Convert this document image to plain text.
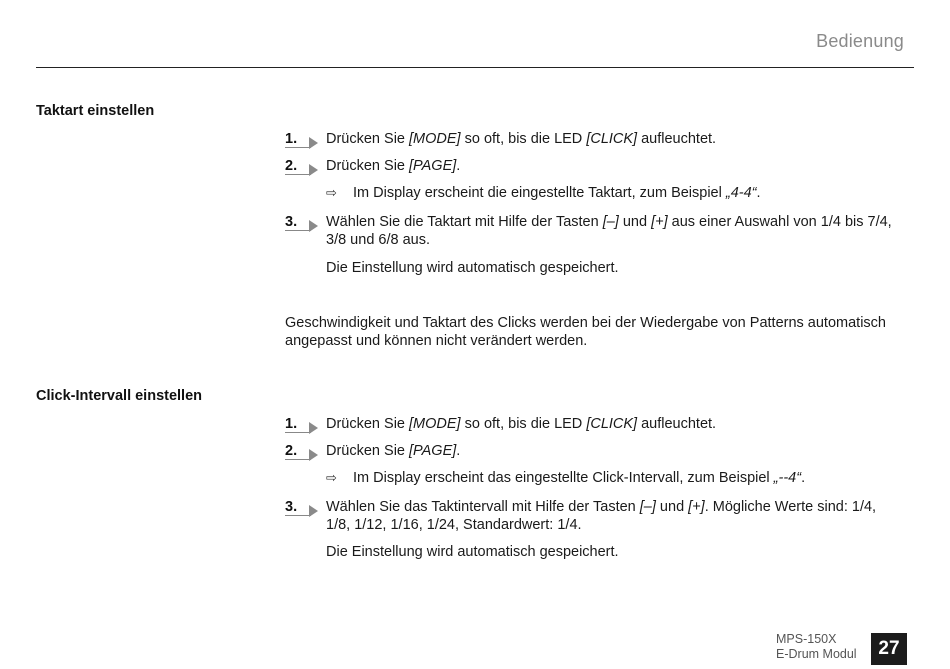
Bedienung
Taktart einstellen
1.	Drücken Sie [MODE] so oft, bis die LED [CLICK] aufleuchtet.
2.	Drücken Sie [PAGE].
⇨ Im Display erscheint die eingestellte Taktart, zum Beispiel „4-4“.
3.	Wählen Sie die Taktart mit Hilfe der Tasten [–] und [+] aus einer Auswahl von 1/4 bis 7/4,
3/8 und 6/8 aus.
Die Einstellung wird automatisch gespeichert.
Geschwindigkeit und Taktart des Clicks werden bei der Wiedergabe von Patterns automatisch
angepasst und können nicht verändert werden.
Click-Intervall einstellen
1.	Drücken Sie [MODE] so oft, bis die LED [CLICK] aufleuchtet.
2.	Drücken Sie [PAGE].
⇨ Im Display erscheint das eingestellte Click-Intervall, zum Beispiel „--4“.
3.	Wählen Sie das Taktintervall mit Hilfe der Tasten [–] und [+]. Mögliche Werte sind: 1/4,
1/8, 1/12, 1/16, 1/24, Standardwert: 1/4.
Die Einstellung wird automatisch gespeichert.
MPS-150X
E-Drum Modul	27
